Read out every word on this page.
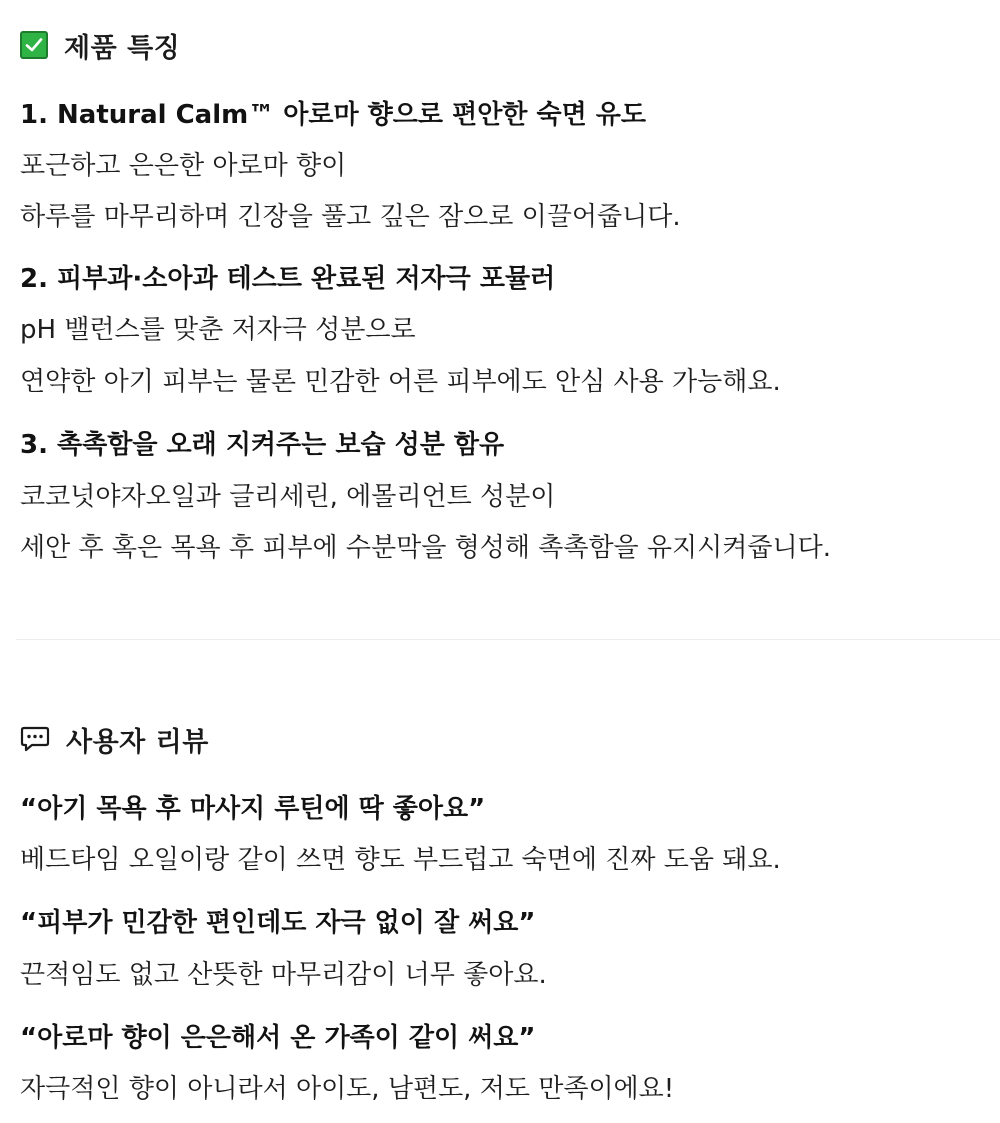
제품 특징
1. Natural Calm™ 아로마 향으로 편안한 숙면 유도
포근하고 은은한 아로마 향이
하루를 마무리하며 긴장을 풀고 깊은 잠으로 이끌어줍니다.
2. 피부과·소아과 테스트 완료된 저자극 포뮬러
pH 밸런스를 맞춘 저자극 성분으로
연약한 아기 피부는 물론 민감한 어른 피부에도 안심 사용 가능해요.
3. 촉촉함을 오래 지켜주는 보습 성분 함유
코코넛야자오일과 글리세린, 에몰리언트 성분이
세안 후 혹은 목욕 후 피부에 수분막을 형성해 촉촉함을 유지시켜줍니다.
사용자 리뷰
“아기 목욕 후 마사지 루틴에 딱 좋아요”
베드타임 오일이랑 같이 쓰면 향도 부드럽고 숙면에 진짜 도움 돼요.
“피부가 민감한 편인데도 자극 없이 잘 써요”
끈적임도 없고 산뜻한 마무리감이 너무 좋아요.
“아로마 향이 은은해서 온 가족이 같이 써요”
자극적인 향이 아니라서 아이도, 남편도, 저도 만족이에요!
